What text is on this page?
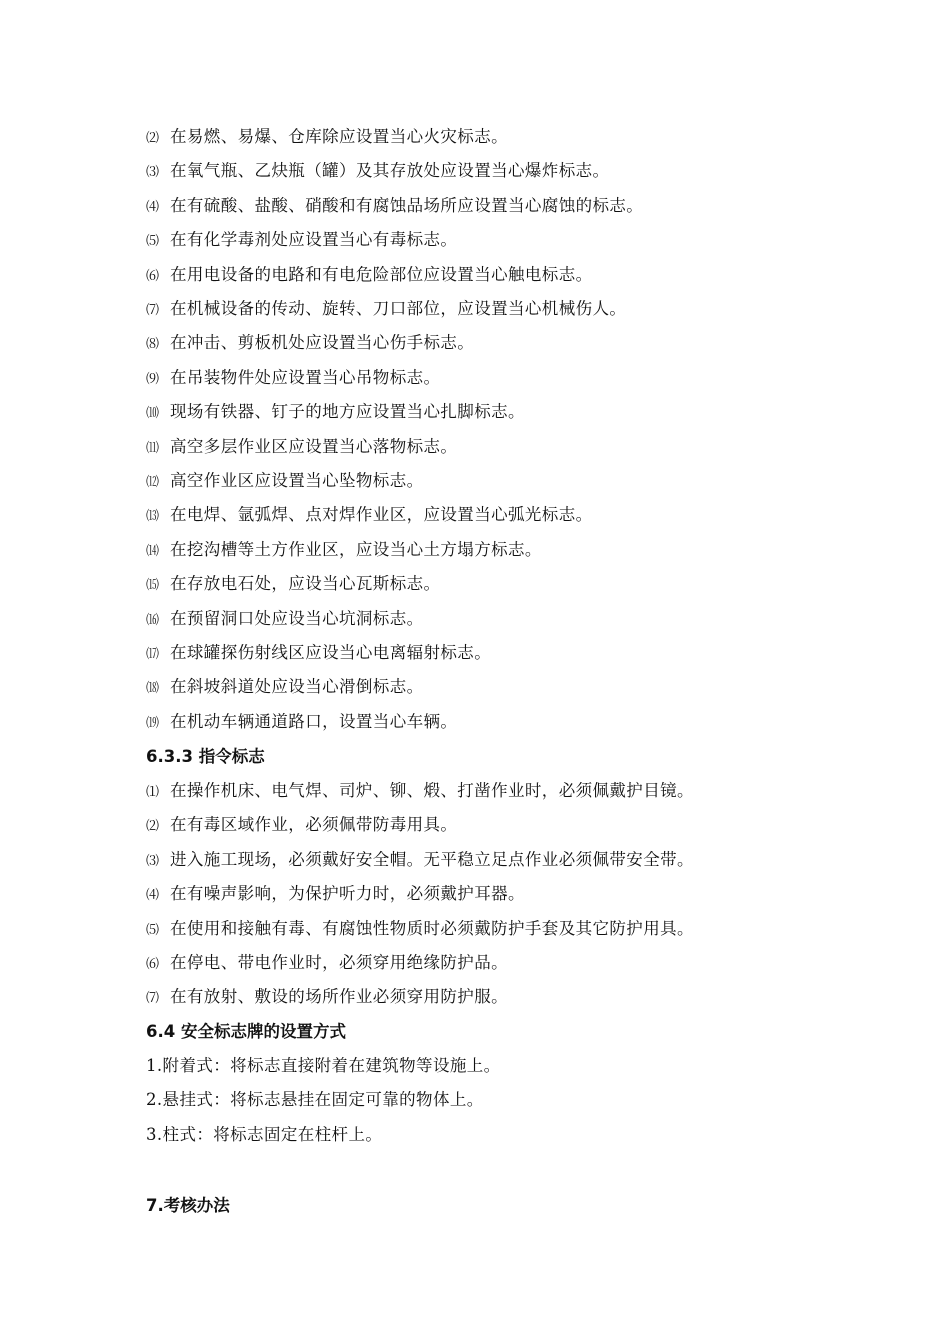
⑵ 在易燃、易爆、仓库除应设置当心火灾标志。
⑶ 在氧气瓶、乙炔瓶（罐）及其存放处应设置当心爆炸标志。
⑷ 在有硫酸、盐酸、硝酸和有腐蚀品场所应设置当心腐蚀的标志。
⑸ 在有化学毒剂处应设置当心有毒标志。
⑹ 在用电设备的电路和有电危险部位应设置当心触电标志。
⑺ 在机械设备的传动、旋转、刀口部位，应设置当心机械伤人。
⑻ 在冲击、剪板机处应设置当心伤手标志。
⑼ 在吊装物件处应设置当心吊物标志。
⑽ 现场有铁器、钉子的地方应设置当心扎脚标志。
⑾ 高空多层作业区应设置当心落物标志。
⑿ 高空作业区应设置当心坠物标志。
⒀ 在电焊、氩弧焊、点对焊作业区，应设置当心弧光标志。
⒁ 在挖沟槽等土方作业区，应设当心土方塌方标志。
⒂ 在存放电石处，应设当心瓦斯标志。
⒃ 在预留洞口处应设当心坑洞标志。
⒄ 在球罐探伤射线区应设当心电离辐射标志。
⒅ 在斜坡斜道处应设当心滑倒标志。
⒆ 在机动车辆通道路口，设置当心车辆。
6.3.3 指令标志
⑴ 在操作机床、电气焊、司炉、铆、煅、打凿作业时，必须佩戴护目镜。
⑵ 在有毒区域作业，必须佩带防毒用具。
⑶ 进入施工现场，必须戴好安全帽。无平稳立足点作业必须佩带安全带。
⑷ 在有噪声影响，为保护听力时，必须戴护耳器。
⑸ 在使用和接触有毒、有腐蚀性物质时必须戴防护手套及其它防护用具。
⑹ 在停电、带电作业时，必须穿用绝缘防护品。
⑺ 在有放射、敷设的场所作业必须穿用防护服。
6.4 安全标志牌的设置方式
1.附着式：将标志直接附着在建筑物等设施上。
2.悬挂式：将标志悬挂在固定可靠的物体上。
3.柱式：将标志固定在柱杆上。
7.考核办法
